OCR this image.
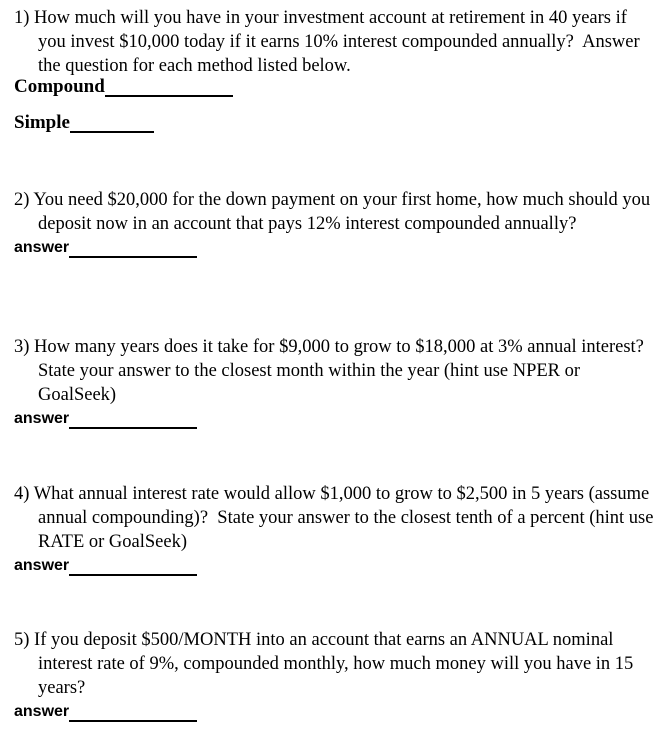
1) How much will you have in your investment account at retirement in 40 years if you invest $10,000 today if it earns 10% interest compounded annually?  Answer the question for each method listed below.

Compound
Simple

2) You need $20,000 for the down payment on your first home, how much should you deposit now in an account that pays 12% interest compounded annually?

answer

3) How many years does it take for $9,000 to grow to $18,000 at 3% annual interest?  State your answer to the closest month within the year (hint use NPER or GoalSeek)

answer

4) What annual interest rate would allow $1,000 to grow to $2,500 in 5 years (assume annual compounding)?  State your answer to the closest tenth of a percent (hint use RATE or GoalSeek)

answer

5) If you deposit $500/MONTH into an account that earns an ANNUAL nominal interest rate of 9%, compounded monthly, how much money will you have in 15 years?

answer
